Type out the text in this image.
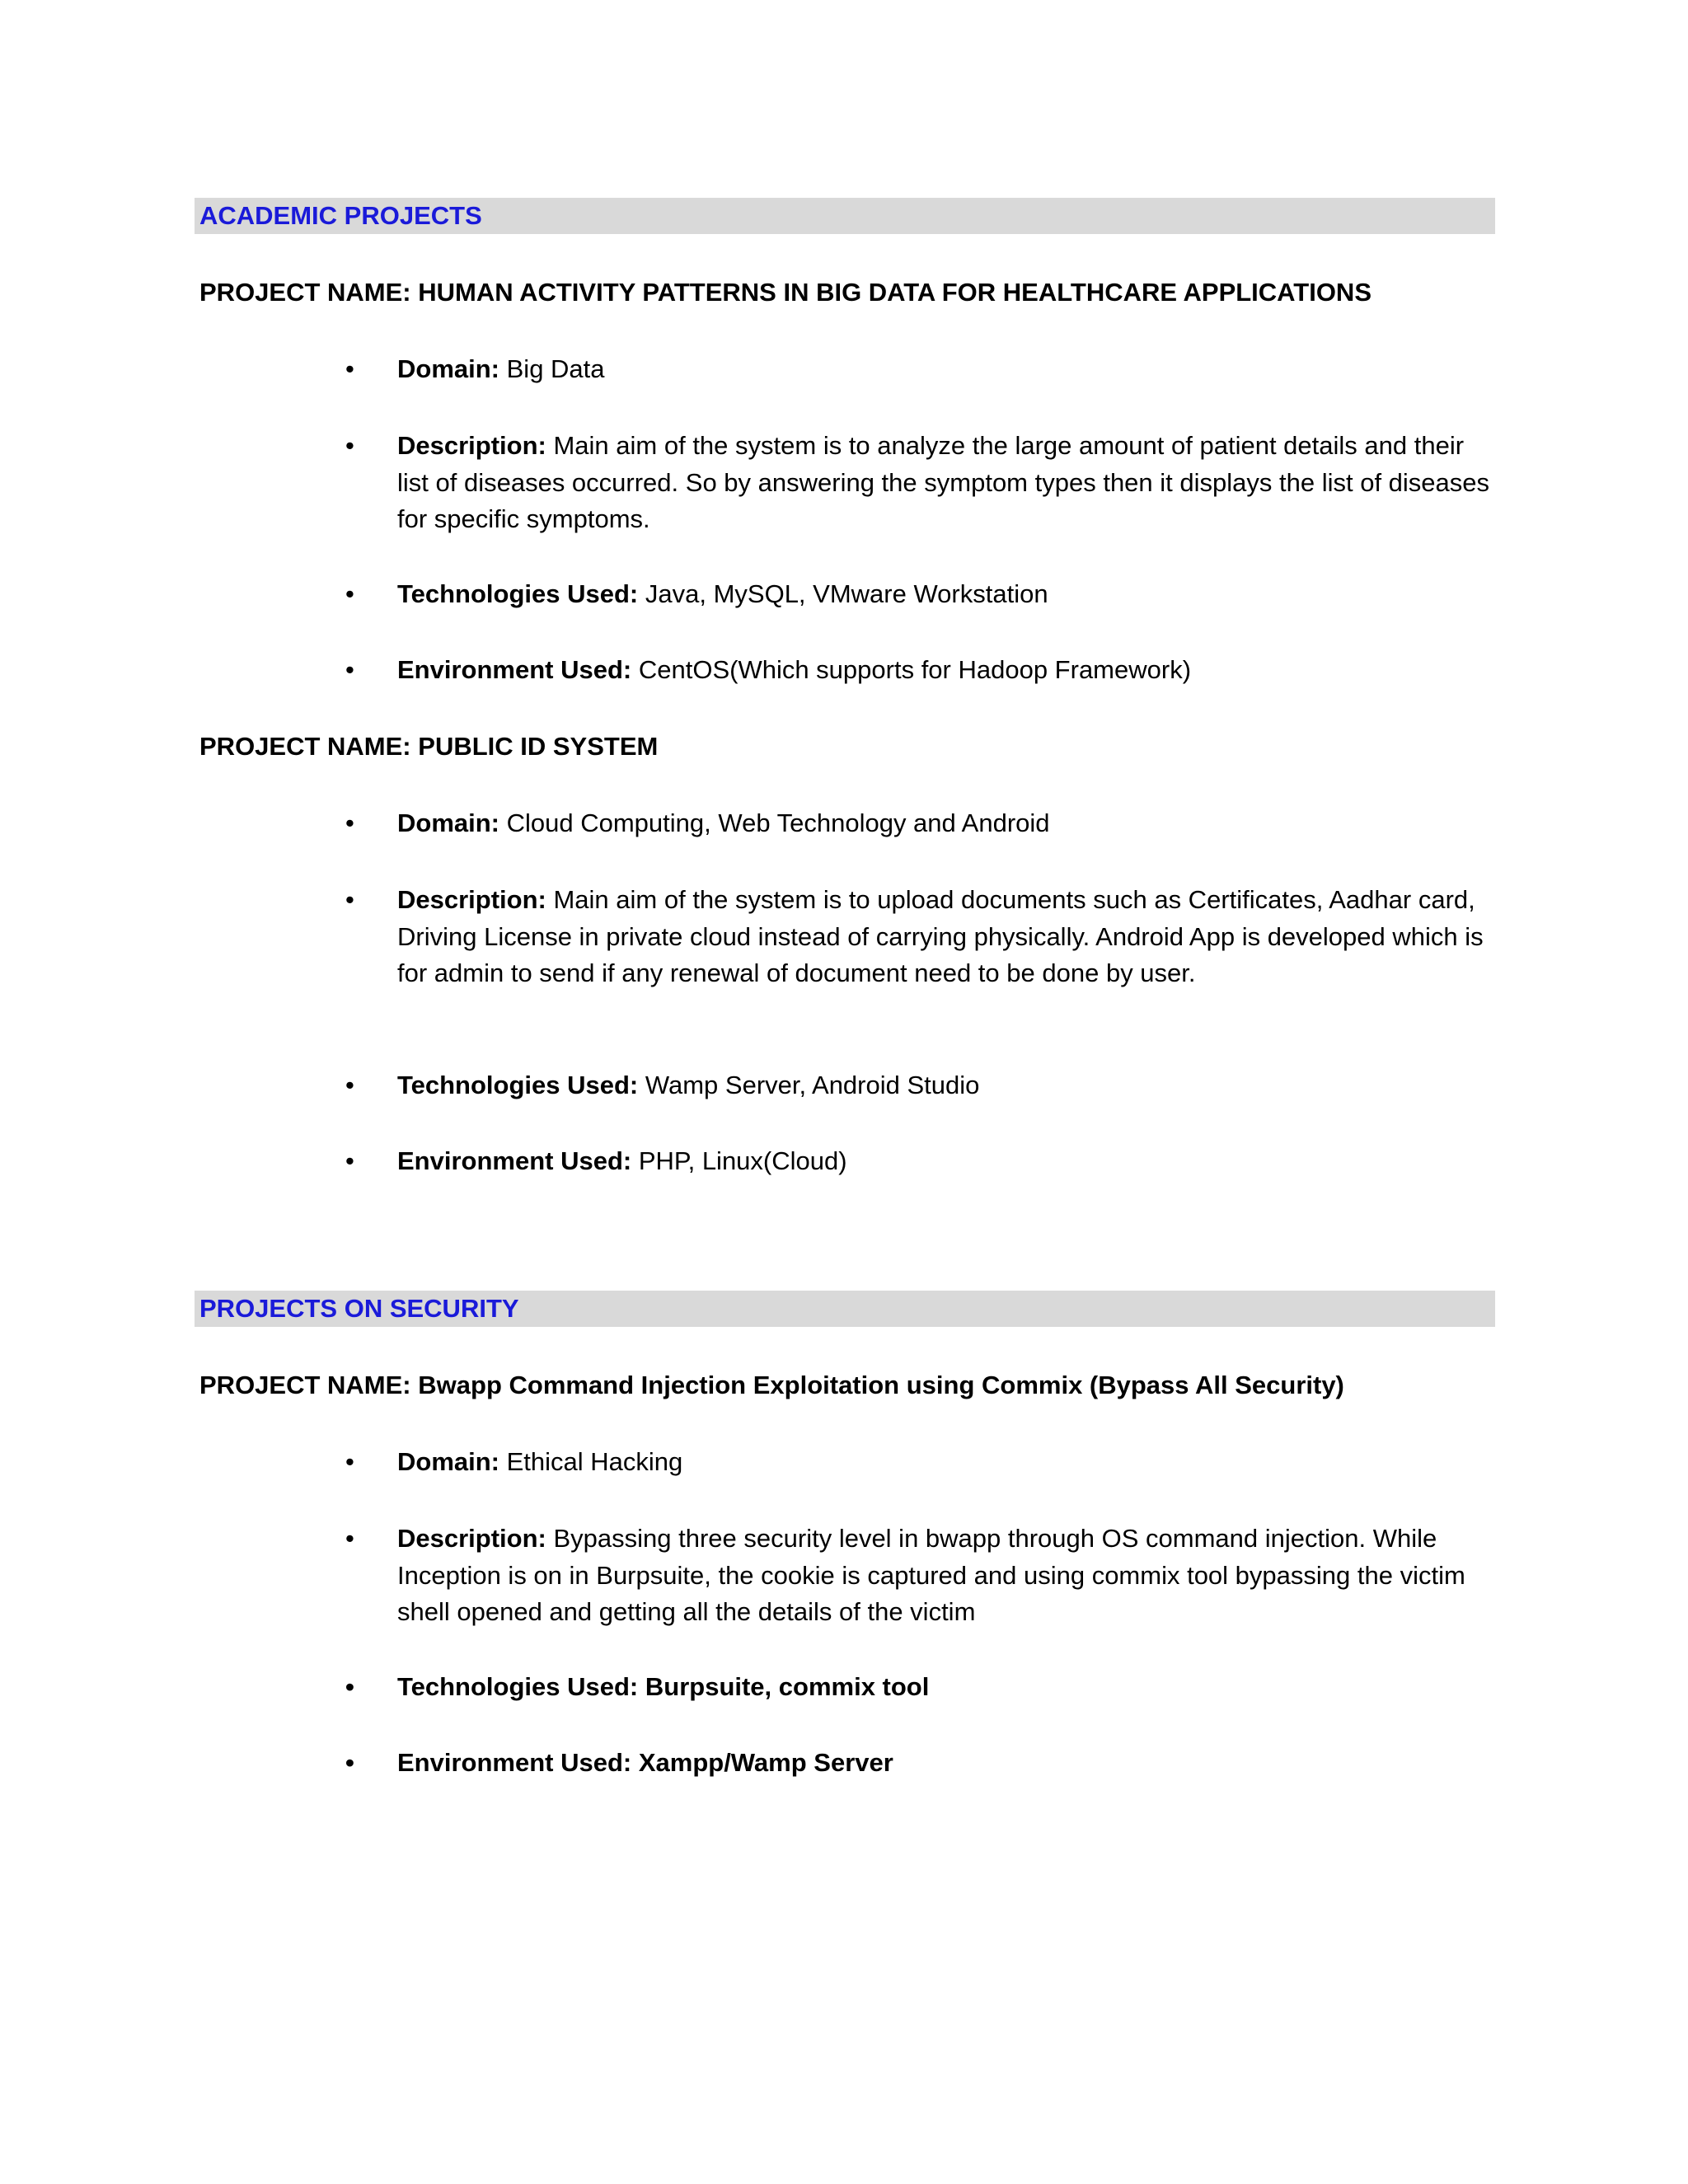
ACADEMIC PROJECTS
PROJECT NAME: HUMAN ACTIVITY PATTERNS IN BIG DATA FOR HEALTHCARE APPLICATIONS
• Domain: Big Data
• Description: Main aim of the system is to analyze the large amount of patient details and their list of diseases occurred. So by answering the symptom types then it displays the list of diseases for specific symptoms.
• Technologies Used: Java, MySQL, VMware Workstation
• Environment Used: CentOS(Which supports for Hadoop Framework)
PROJECT NAME: PUBLIC ID SYSTEM
• Domain: Cloud Computing, Web Technology and Android
• Description: Main aim of the system is to upload documents such as Certificates, Aadhar card, Driving License in private cloud instead of carrying physically. Android App is developed which is for admin to send if any renewal of document need to be done by user.
• Technologies Used: Wamp Server, Android Studio
• Environment Used: PHP, Linux(Cloud)
PROJECTS ON SECURITY
PROJECT NAME: Bwapp Command Injection Exploitation using Commix (Bypass All Security)
• Domain: Ethical Hacking
• Description: Bypassing three security level in bwapp through OS command injection. While Inception is on in Burpsuite, the cookie is captured and using commix tool bypassing the victim shell opened and getting all the details of the victim
• Technologies Used: Burpsuite, commix tool
• Environment Used: Xampp/Wamp Server
